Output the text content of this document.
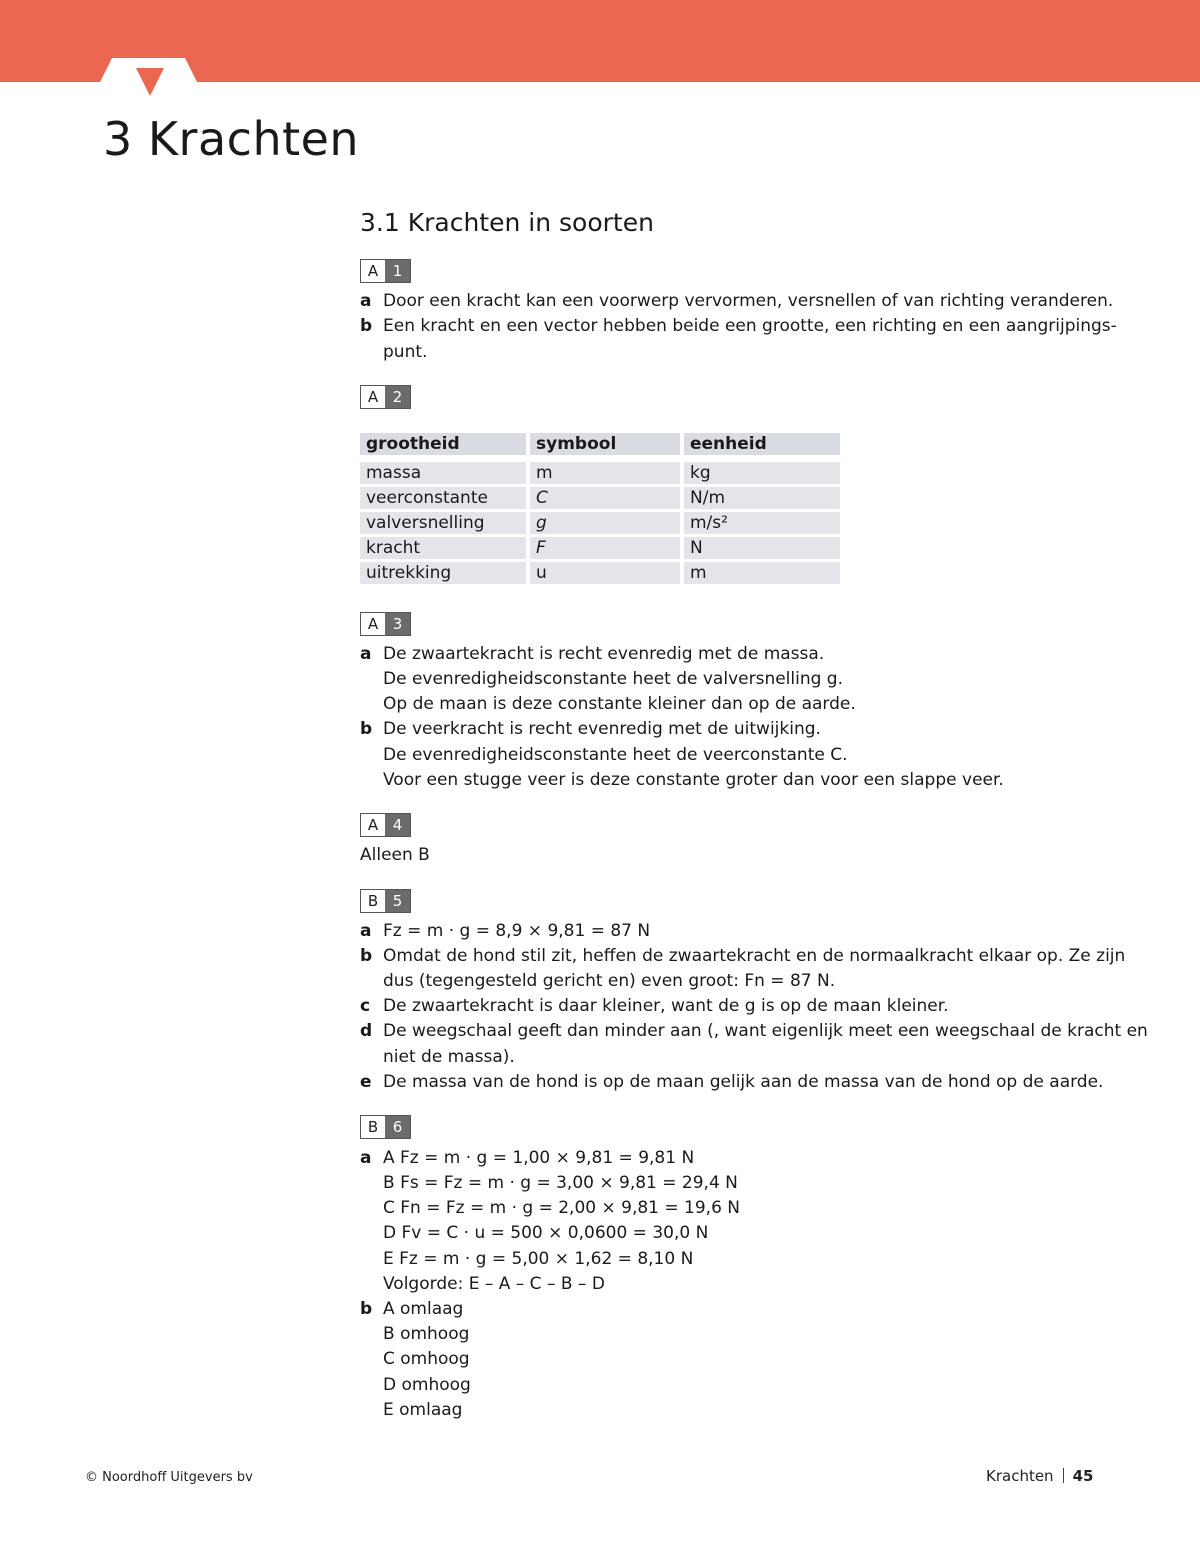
3 Krachten
3.1 Krachten in soorten
A 1
a Door een kracht kan een voorwerp vervormen, versnellen of van richting veranderen.
b Een kracht en een vector hebben beide een grootte, een richting en een aangrijpings-
punt.
A 2
grootheid	symbool	eenheid
massa	m	kg
veerconstante	C	N/m
valversnelling	g	m/s²
kracht	F	N
uitrekking	u	m
A 3
a De zwaartekracht is recht evenredig met de massa.
De evenredigheidsconstante heet de valversnelling g.
Op de maan is deze constante kleiner dan op de aarde.
b De veerkracht is recht evenredig met de uitwijking.
De evenredigheidsconstante heet de veerconstante C.
Voor een stugge veer is deze constante groter dan voor een slappe veer.
A 4
Alleen B
B 5
a Fz = m · g = 8,9 × 9,81 = 87 N
b Omdat de hond stil zit, heffen de zwaartekracht en de normaalkracht elkaar op. Ze zijn
dus (tegengesteld gericht en) even groot: Fn = 87 N.
c De zwaartekracht is daar kleiner, want de g is op de maan kleiner.
d De weegschaal geeft dan minder aan (, want eigenlijk meet een weegschaal de kracht en
niet de massa).
e De massa van de hond is op de maan gelijk aan de massa van de hond op de aarde.
B 6
a A Fz = m · g = 1,00 × 9,81 = 9,81 N
B Fs = Fz = m · g = 3,00 × 9,81 = 29,4 N
C Fn = Fz = m · g = 2,00 × 9,81 = 19,6 N
D Fv = C · u = 500 × 0,0600 = 30,0 N
E Fz = m · g = 5,00 × 1,62 = 8,10 N
Volgorde: E – A – C – B – D
b A omlaag
B omhoog
C omhoog
D omhoog
E omlaag
© Noordhoff Uitgevers bv	Krachten 45
